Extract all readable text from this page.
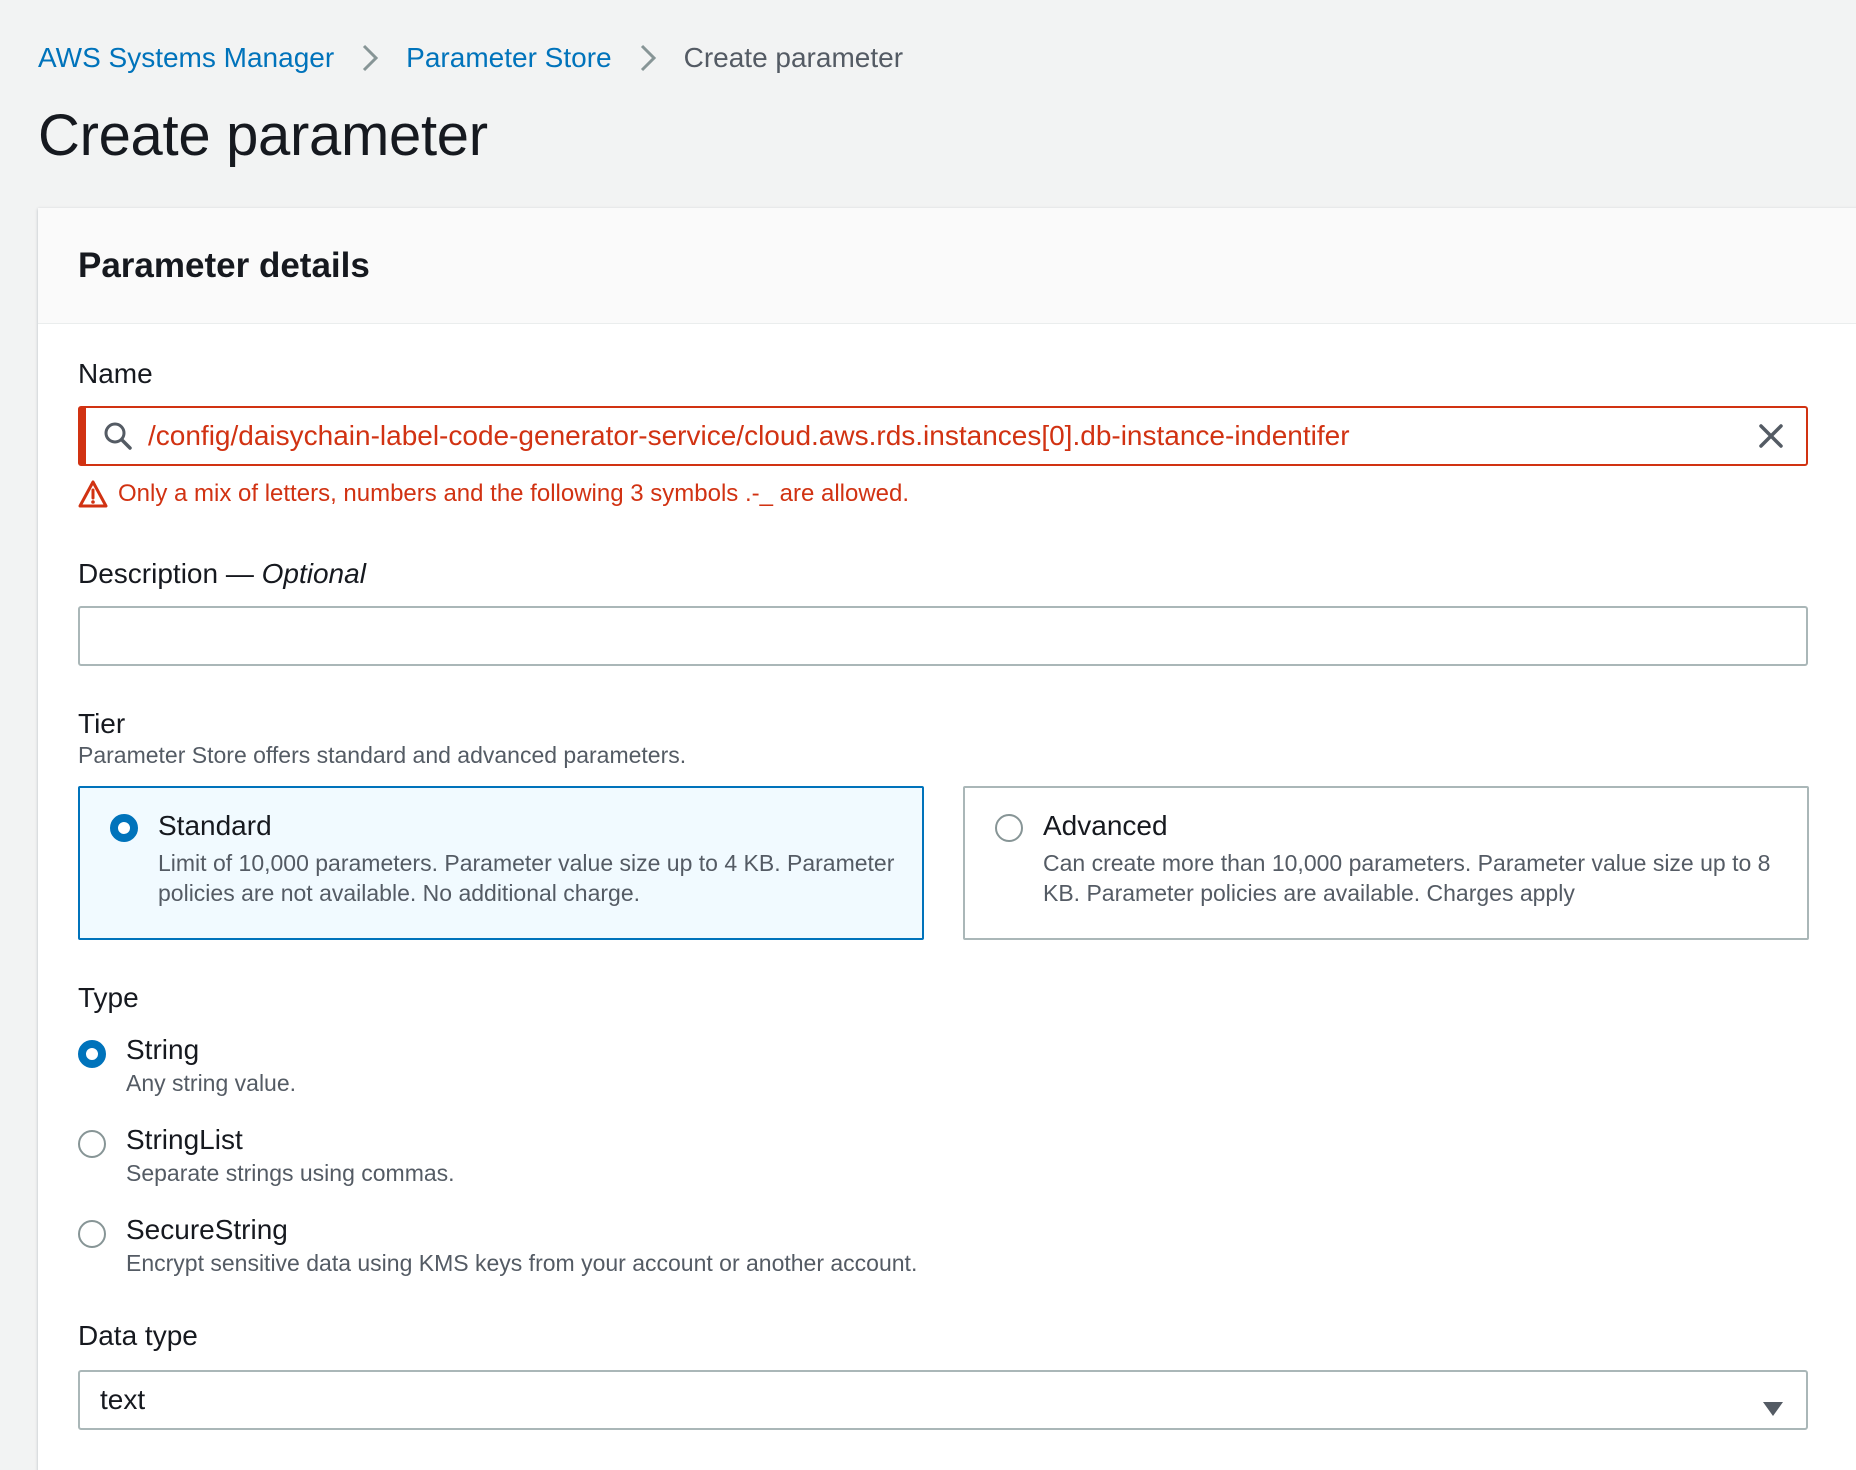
AWS Systems Manager	Parameter Store	Create parameter
Create parameter
Parameter details
Name
/config/daisychain-label-code-generator-service/cloud.aws.rds.instances[0].db-instance-indentifer
Only a mix of letters, numbers and the following 3 symbols .-_ are allowed.
Description — Optional
Tier
Parameter Store offers standard and advanced parameters.
Standard
Limit of 10,000 parameters. Parameter value size up to 4 KB. Parameter policies are not available. No additional charge.
Advanced
Can create more than 10,000 parameters. Parameter value size up to 8 KB. Parameter policies are available. Charges apply
Type
String
Any string value.
StringList
Separate strings using commas.
SecureString
Encrypt sensitive data using KMS keys from your account or another account.
Data type
text
